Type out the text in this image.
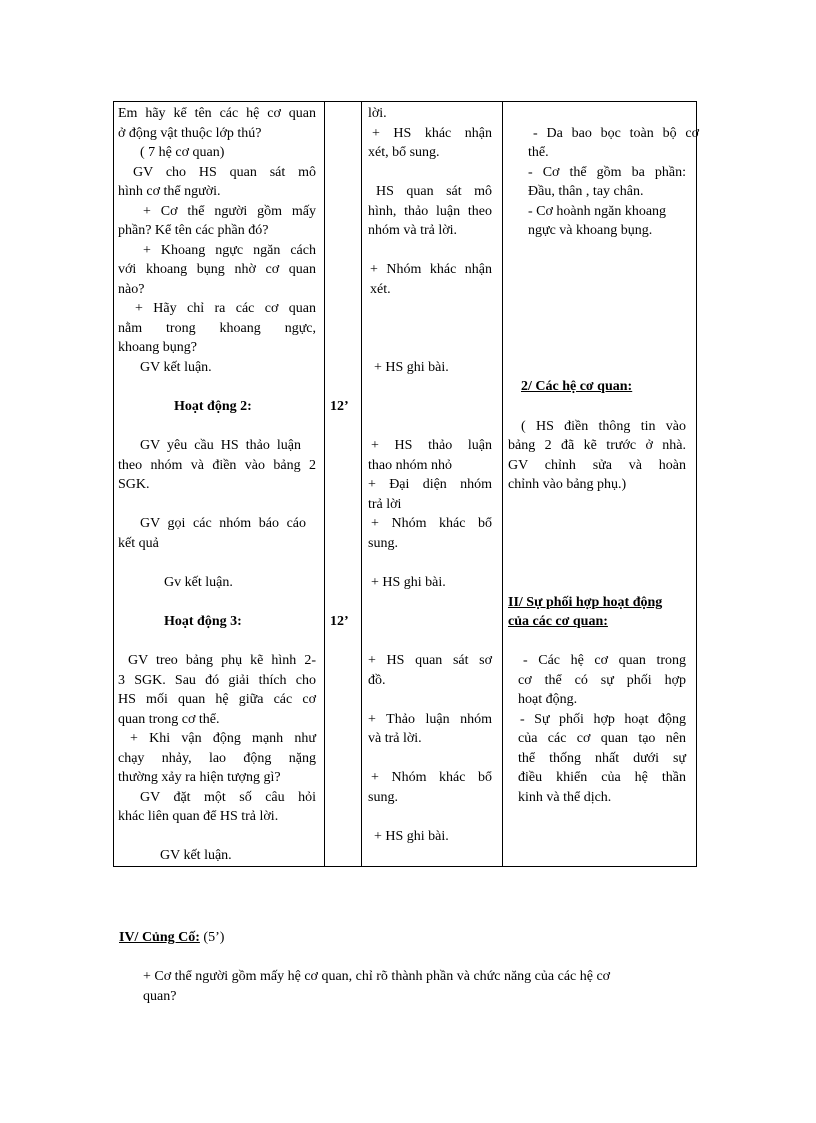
Em hãy kể tên các hệ cơ quan
ở động vật thuộc lớp thú?
( 7 hệ cơ quan)
GV cho HS quan sát mô
hình cơ thể người.
+ Cơ thể người gồm mấy
phần? Kể tên các phần đó?
+ Khoang ngực ngăn cách
với khoang bụng nhờ cơ quan
nào?
+ Hãy chỉ ra các cơ quan
nằm trong khoang ngực,
khoang bụng?
GV kết luận.
Hoạt động 2:
GV yêu cầu HS thảo luận
theo nhóm và điền vào bảng 2
SGK.
GV gọi các nhóm báo cáo
kết quả
Gv kết luận.
Hoạt động 3:
GV treo bảng phụ kẽ hình 2-
3 SGK. Sau đó giải thích cho
HS mối quan hệ giữa các cơ
quan trong cơ thể.
+ Khi vận động mạnh như
chạy nhảy, lao động nặng
thường xảy ra hiện tượng gì?
GV đặt một số câu hỏi
khác liên quan để HS trả lời.
GV kết luận.
12’
12’
lời.
+ HS khác nhận
xét, bổ sung.
HS quan sát mô
hình, thảo luận theo
nhóm và trả lời.
+ Nhóm khác nhận
xét.
+ HS ghi bài.
+ HS thảo luận
thao nhóm nhỏ
+ Đại diện nhóm
trả lời
+ Nhóm khác bổ
sung.
+ HS ghi bài.
+ HS quan sát sơ
đồ.
+ Thảo luận nhóm
và trả lời.
+ Nhóm khác bổ
sung.
+ HS ghi bài.
- Da bao bọc toàn bộ cơ
thể.
- Cơ thể gồm ba phần:
Đầu, thân , tay chân.
- Cơ hoành ngăn khoang
ngực và khoang bụng.
2/ Các hệ cơ quan:
( HS điền thông tin vào
bảng 2 đã kẽ trước ở nhà.
GV chỉnh sửa và hoàn
chỉnh vào bảng phụ.)
II/ Sự phối hợp hoạt động
của các cơ quan:
- Các hệ cơ quan trong
cơ thể có sự phối hợp
hoạt động.
- Sự phối hợp hoạt động
của các cơ quan tạo nên
thể thống nhất dưới sự
điều khiển của hệ thần
kinh và thể dịch.
IV/ Củng Cố: (5’)
+ Cơ thể người gồm mấy hệ cơ quan, chỉ rõ thành phần và chức năng của các hệ cơ
quan?
